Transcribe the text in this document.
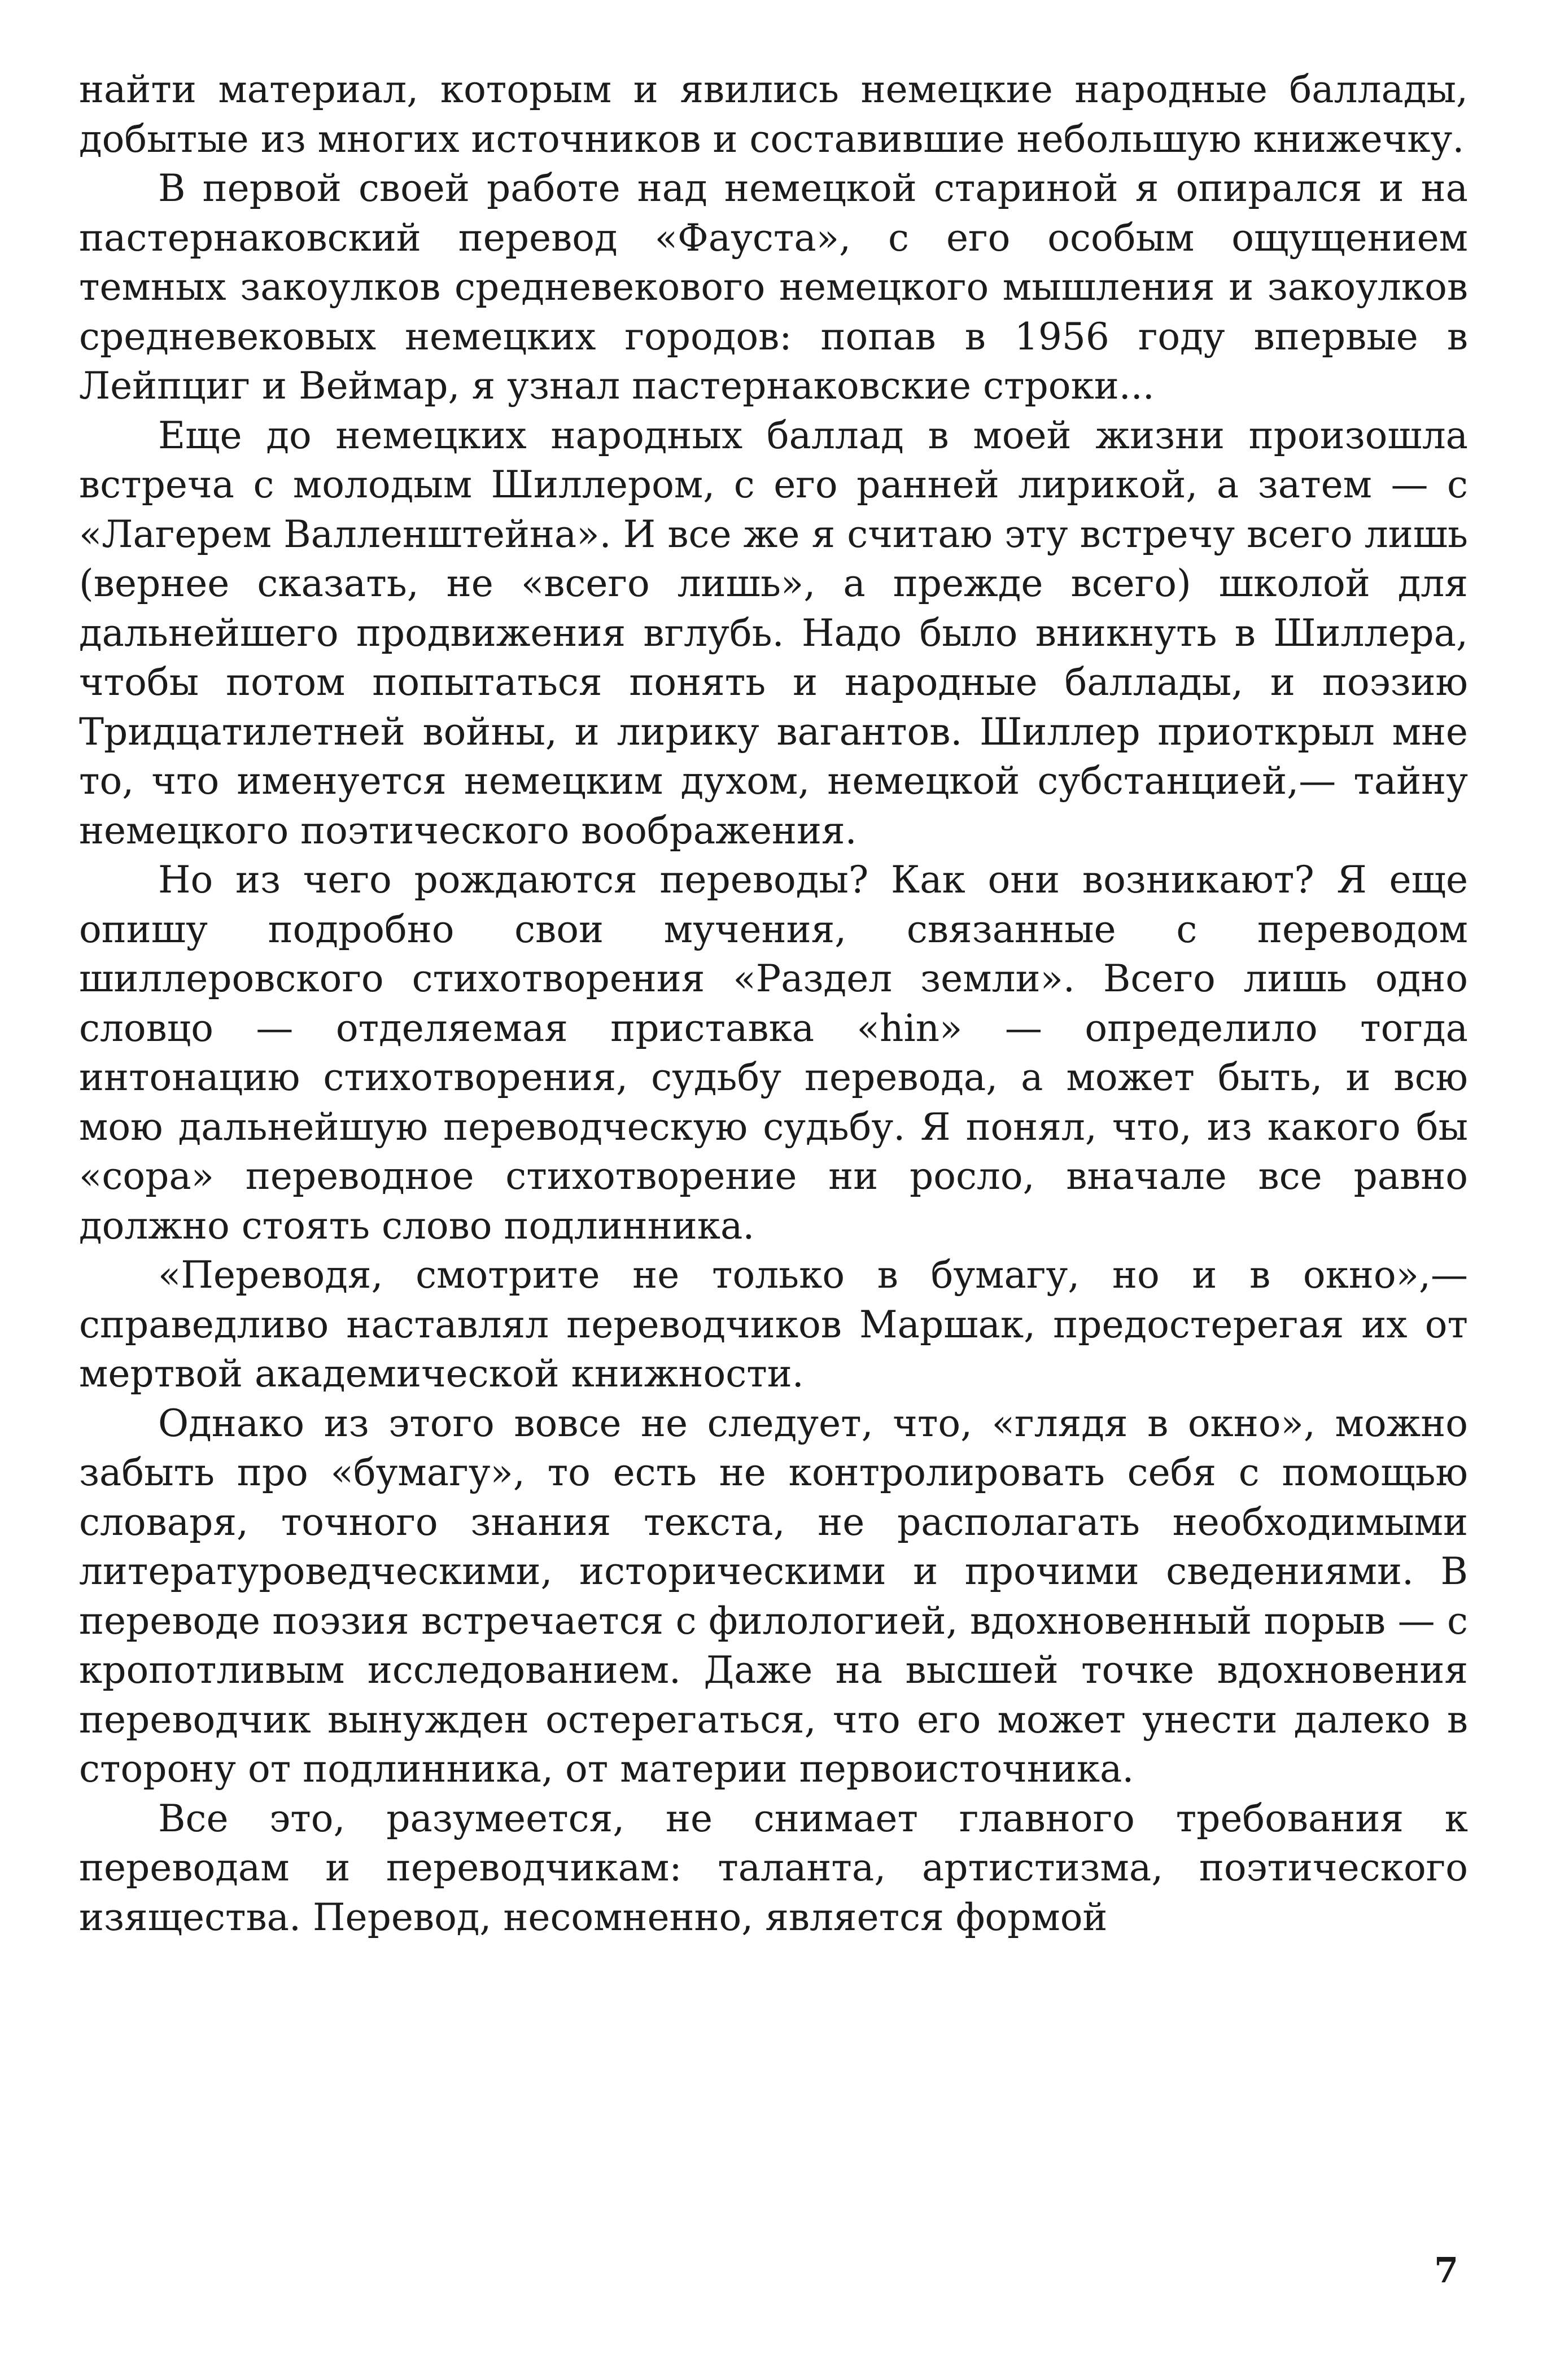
найти материал, которым и явились немецкие народные баллады, добытые из многих источников и составившие небольшую книжечку.

В первой своей работе над немецкой стариной я опирался и на пастернаковский перевод «Фауста», с его особым ощущением темных закоулков средневекового немецкого мышления и закоулков средневековых немецких городов: попав в 1956 году впервые в Лейпциг и Веймар, я узнал пастернаковские строки...

Еще до немецких народных баллад в моей жизни произошла встреча с молодым Шиллером, с его ранней лирикой, а затем — с «Лагерем Валленштейна». И все же я считаю эту встречу всего лишь (вернее сказать, не «всего лишь», а прежде всего) школой для дальнейшего продвижения вглубь. Надо было вникнуть в Шиллера, чтобы потом попытаться понять и народные баллады, и поэзию Тридцатилетней войны, и лирику вагантов. Шиллер приоткрыл мне то, что именуется немецким духом, немецкой субстанцией,— тайну немецкого поэтического воображения.

Но из чего рождаются переводы? Как они возникают? Я еще опишу подробно свои мучения, связанные с переводом шиллеровского стихотворения «Раздел земли». Всего лишь одно словцо — отделяемая приставка «hin» — определило тогда интонацию стихотворения, судьбу перевода, а может быть, и всю мою дальнейшую переводческую судьбу. Я понял, что, из какого бы «сора» переводное стихотворение ни росло, вначале все равно должно стоять слово подлинника.

«Переводя, смотрите не только в бумагу, но и в окно»,— справедливо наставлял переводчиков Маршак, предостерегая их от мертвой академической книжности.

Однако из этого вовсе не следует, что, «глядя в окно», можно забыть про «бумагу», то есть не контролировать себя с помощью словаря, точного знания текста, не располагать необходимыми литературоведческими, историческими и прочими сведениями. В переводе поэзия встречается с филологией, вдохновенный порыв — с кропотливым исследованием. Даже на высшей точке вдохновения переводчик вынужден остерегаться, что его может унести далеко в сторону от подлинника, от материи первоисточника.

Все это, разумеется, не снимает главного требования к переводам и переводчикам: таланта, артистизма, поэтического изящества. Перевод, несомненно, является формой

7
